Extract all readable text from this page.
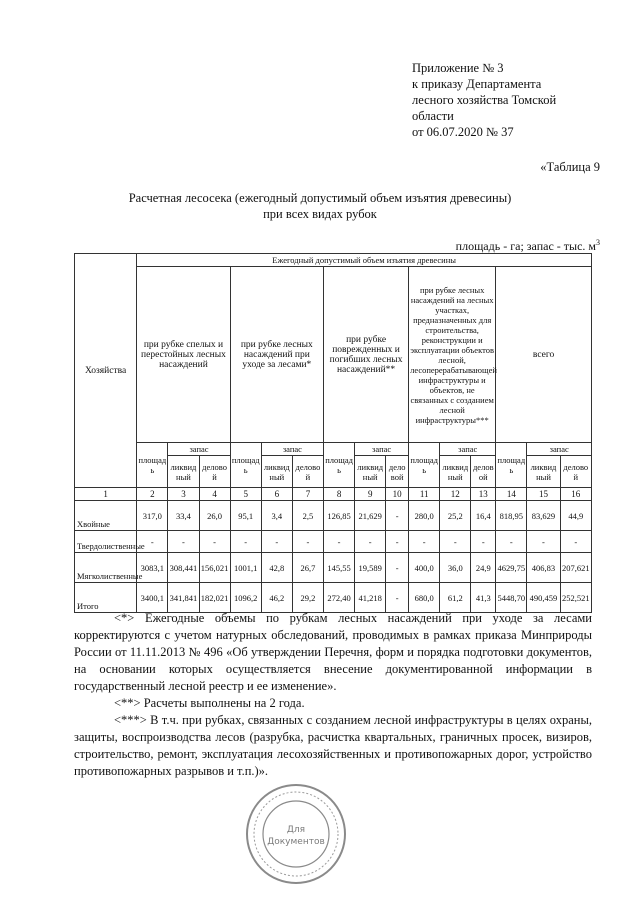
Приложение № 3
к приказу Департамента
лесного хозяйства Томской
области
от 06.07.2020 № 37
«Таблица 9
Расчетная лесосека (ежегодный допустимый объем изъятия древесины)
при всех видах рубок
площадь - га; запас - тыс. $м^3$
Хозяйства	Ежегодный допустимый объем изъятия древесины														
	при рубке спелых и перестойных лесных насаждений			при рубке лесных насаждений при уходе за лесами*			при рубке поврежденных и погибших лесных насаждений**			при рубке лесных насаждений на лесных участках, предназначенных для строительства, реконструкции и эксплуатации объектов лесной, лесоперерабатывающей инфраструктуры и объектов, не связанных с созданием лесной инфраструктуры***			всего		
	площадь	запас		площадь	запас		площадь	запас		площадь	запас		площадь	запас	
		ликвидный	деловой		ликвидный	деловой		ликвидный	деловой		ликвидный	деловой		ликвидный	деловой
1	2	3	4	5	6	7	8	9	10	11	12	13	14	15	16
Хвойные	317,0	33,4	26,0	95,1	3,4	2,5	126,85	21,629	-	280,0	25,2	16,4	818,95	83,629	44,9
Твердолиственные	-	-	-	-	-	-	-	-	-	-	-	-	-	-	-
Мягколиственные	3083,1	308,441	156,021	1001,1	42,8	26,7	145,55	19,589	-	400,0	36,0	24,9	4629,75	406,83	207,621
Итого	3400,1	341,841	182,021	1096,2	46,2	29,2	272,40	41,218	-	680,0	61,2	41,3	5448,70	490,459	252,521

<*> Ежегодные объемы по рубкам лесных насаждений при уходе за лесами корректируются с учетом натурных обследований, проводимых в рамках приказа Минприроды России от 11.11.2013 № 496 «Об утверждении Перечня, форм и порядка подготовки документов, на основании которых осуществляется внесение документированной информации в государственный лесной реестр и ее изменение».

<**> Расчеты выполнены на 2 года.

<***> В т.ч. при рубках, связанных с созданием лесной инфраструктуры в целях охраны, защиты, воспроизводства лесов (разрубка, расчистка квартальных, граничных просек, визиров, строительство, ремонт, эксплуатация лесохозяйственных и противопожарных дорог, устройство противопожарных разрывов и т.п.)».

Для
Документов
